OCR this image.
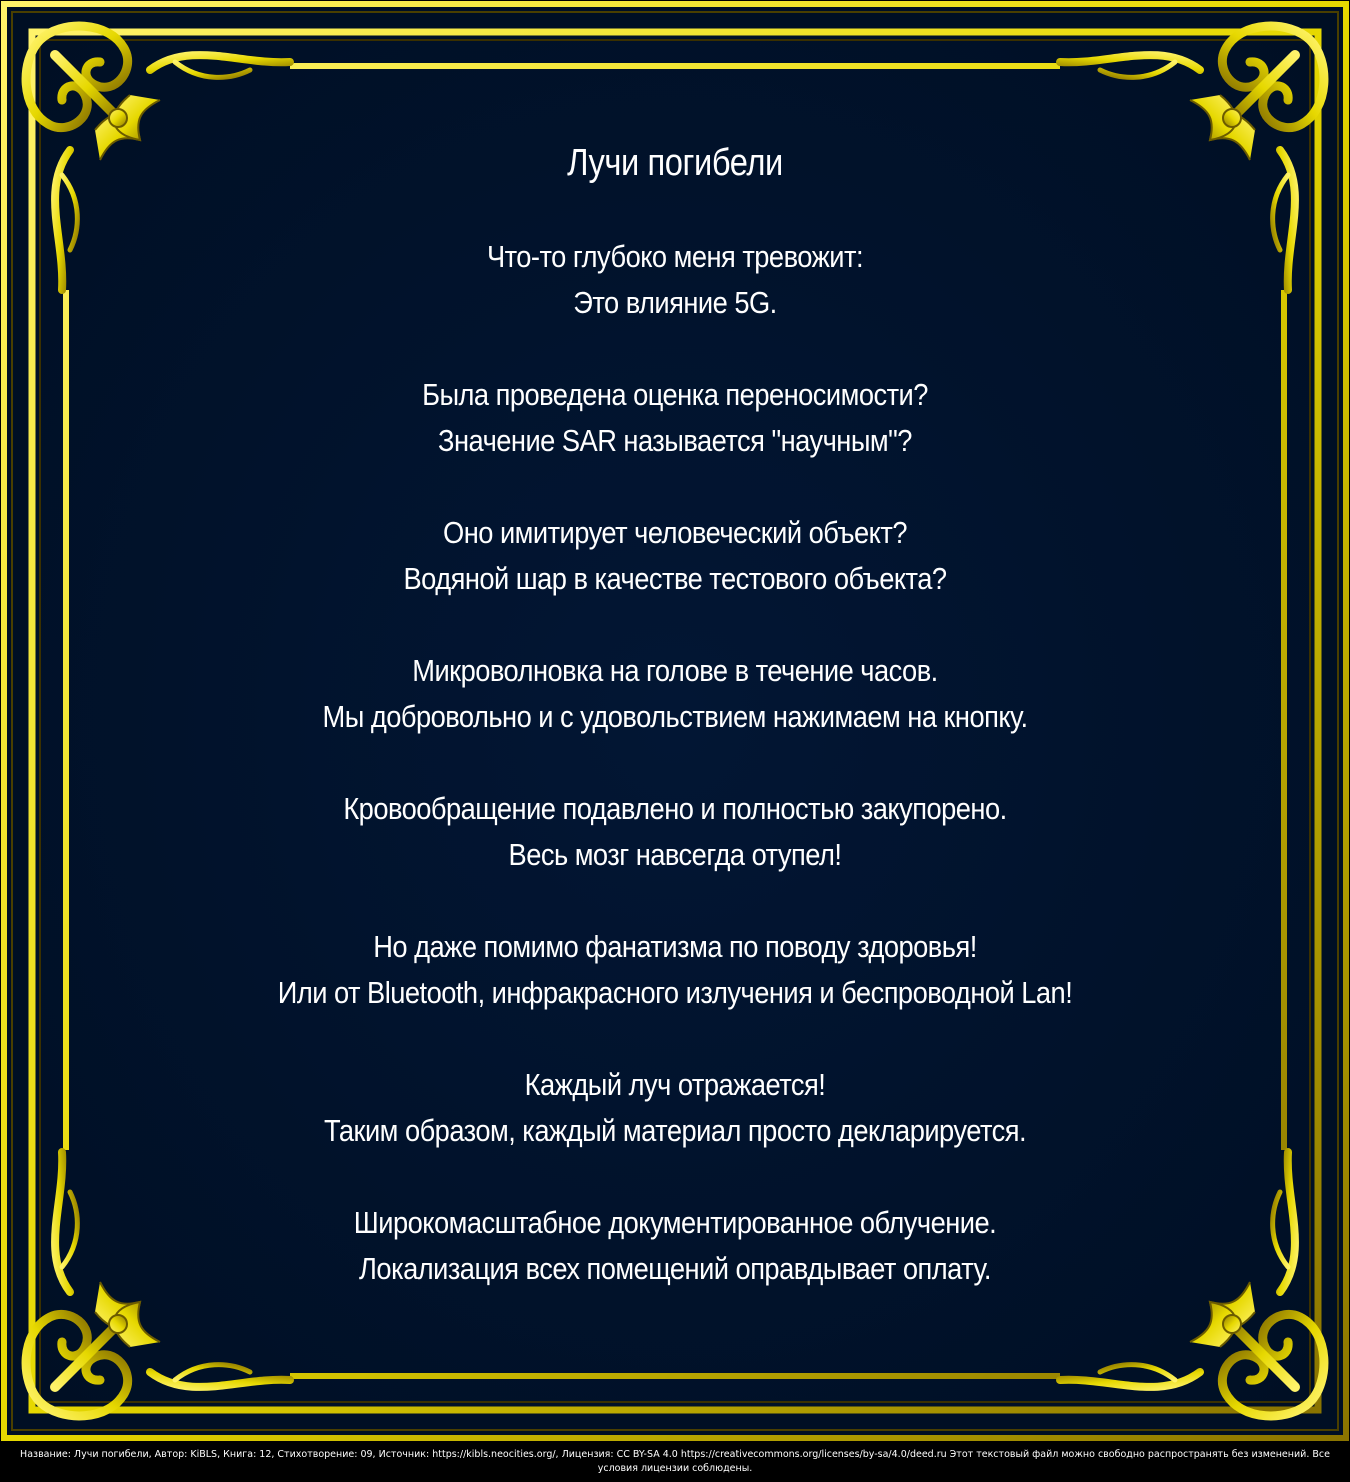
Лучи погибели
Что-то глубоко меня тревожит:
Это влияние 5G.
Была проведена оценка переносимости?
Значение SAR называется "научным"?
Оно имитирует человеческий объект?
Водяной шар в качестве тестового объекта?
Микроволновка на голове в течение часов.
Мы добровольно и с удовольствием нажимаем на кнопку.
Кровообращение подавлено и полностью закупорено.
Весь мозг навсегда отупел!
Но даже помимо фанатизма по поводу здоровья!
Или от Bluetooth, инфракрасного излучения и беспроводной Lan!
Каждый луч отражается!
Таким образом, каждый материал просто декларируется.
Широкомасштабное документированное облучение.
Локализация всех помещений оправдывает оплату.
Название: Лучи погибели, Автор: KiBLS, Книга: 12, Стихотворение: 09, Источник: https://kibls.neocities.org/, Лицензия: CC BY-SA 4.0 https://creativecommons.org/licenses/by-sa/4.0/deed.ru Этот текстовый файл можно свободно распространять без изменений. Все условия лицензии соблюдены.
